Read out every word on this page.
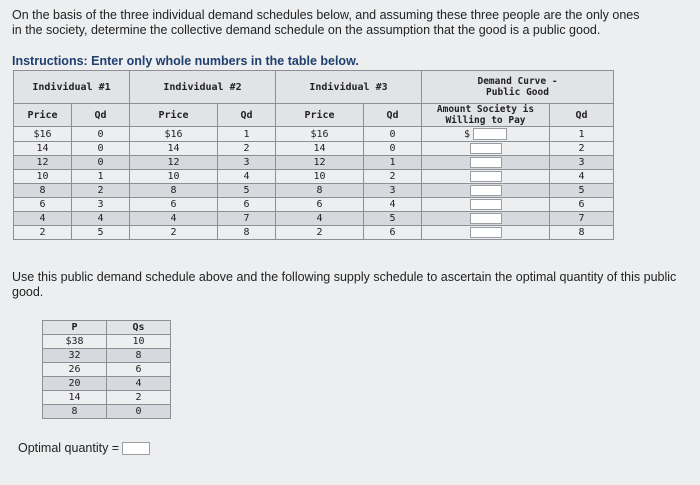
On the basis of the three individual demand schedules below, and assuming these three people are the only ones in the society, determine the collective demand schedule on the assumption that the good is a public good.
Instructions: Enter only whole numbers in the table below.
Individual #1		Individual #2		Individual #3		Demand Curve -
Public Good	

Price	Qd	Price	Qd	Price	Qd	Amount Society is
Willing to Pay	Qd
$16	0	$16	1	$16	0	$	1
14	0	14	2	14	0		2
12	0	12	3	12	1		3
10	1	10	4	10	2		4
8	2	8	5	8	3		5
6	3	6	6	6	4		6
4	4	4	7	4	5		7
2	5	2	8	2	6		8
Use this public demand schedule above and the following supply schedule to ascertain the optimal quantity of this public good.
P	Qs
$38	10
32	8
26	6
20	4
14	2
8	0
Optimal quantity =
